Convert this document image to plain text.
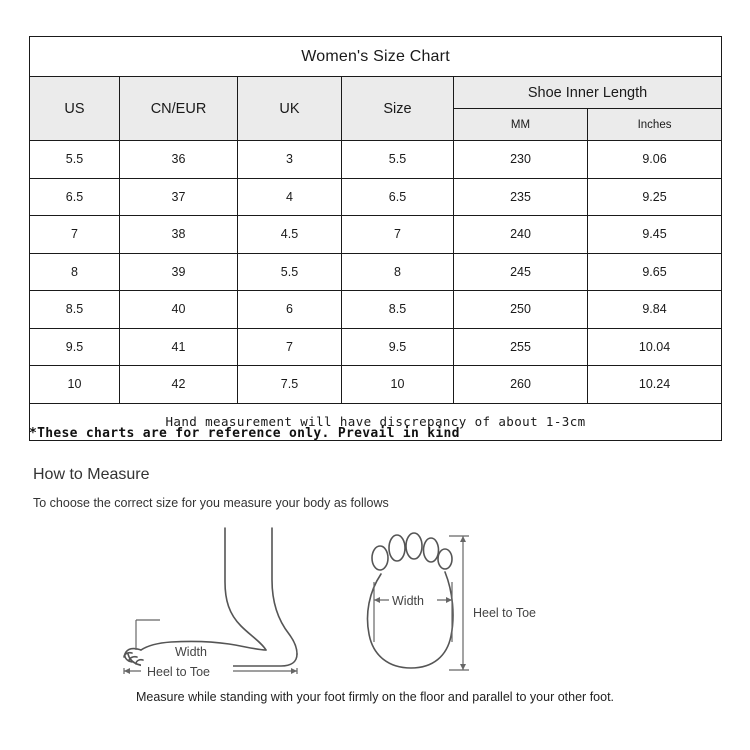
Women's Size Chart					
US	CN/EUR	UK	Size	Shoe Inner Length	
				MM	Inches
5.5	36	3	5.5	230	9.06
6.5	37	4	6.5	235	9.25
7	38	4.5	7	240	9.45
8	39	5.5	8	245	9.65
8.5	40	6	8.5	250	9.84
9.5	41	7	9.5	255	10.04
10	42	7.5	10	260	10.24
Hand measurement will have discrepancy of about 1-3cm					
*These charts are for reference only. Prevail in kind
How to Measure
To choose the correct size for you measure your body as follows
Width
Heel to Toe
Width
Heel to Toe
Measure while standing with your foot firmly on the floor and parallel to your other foot.
